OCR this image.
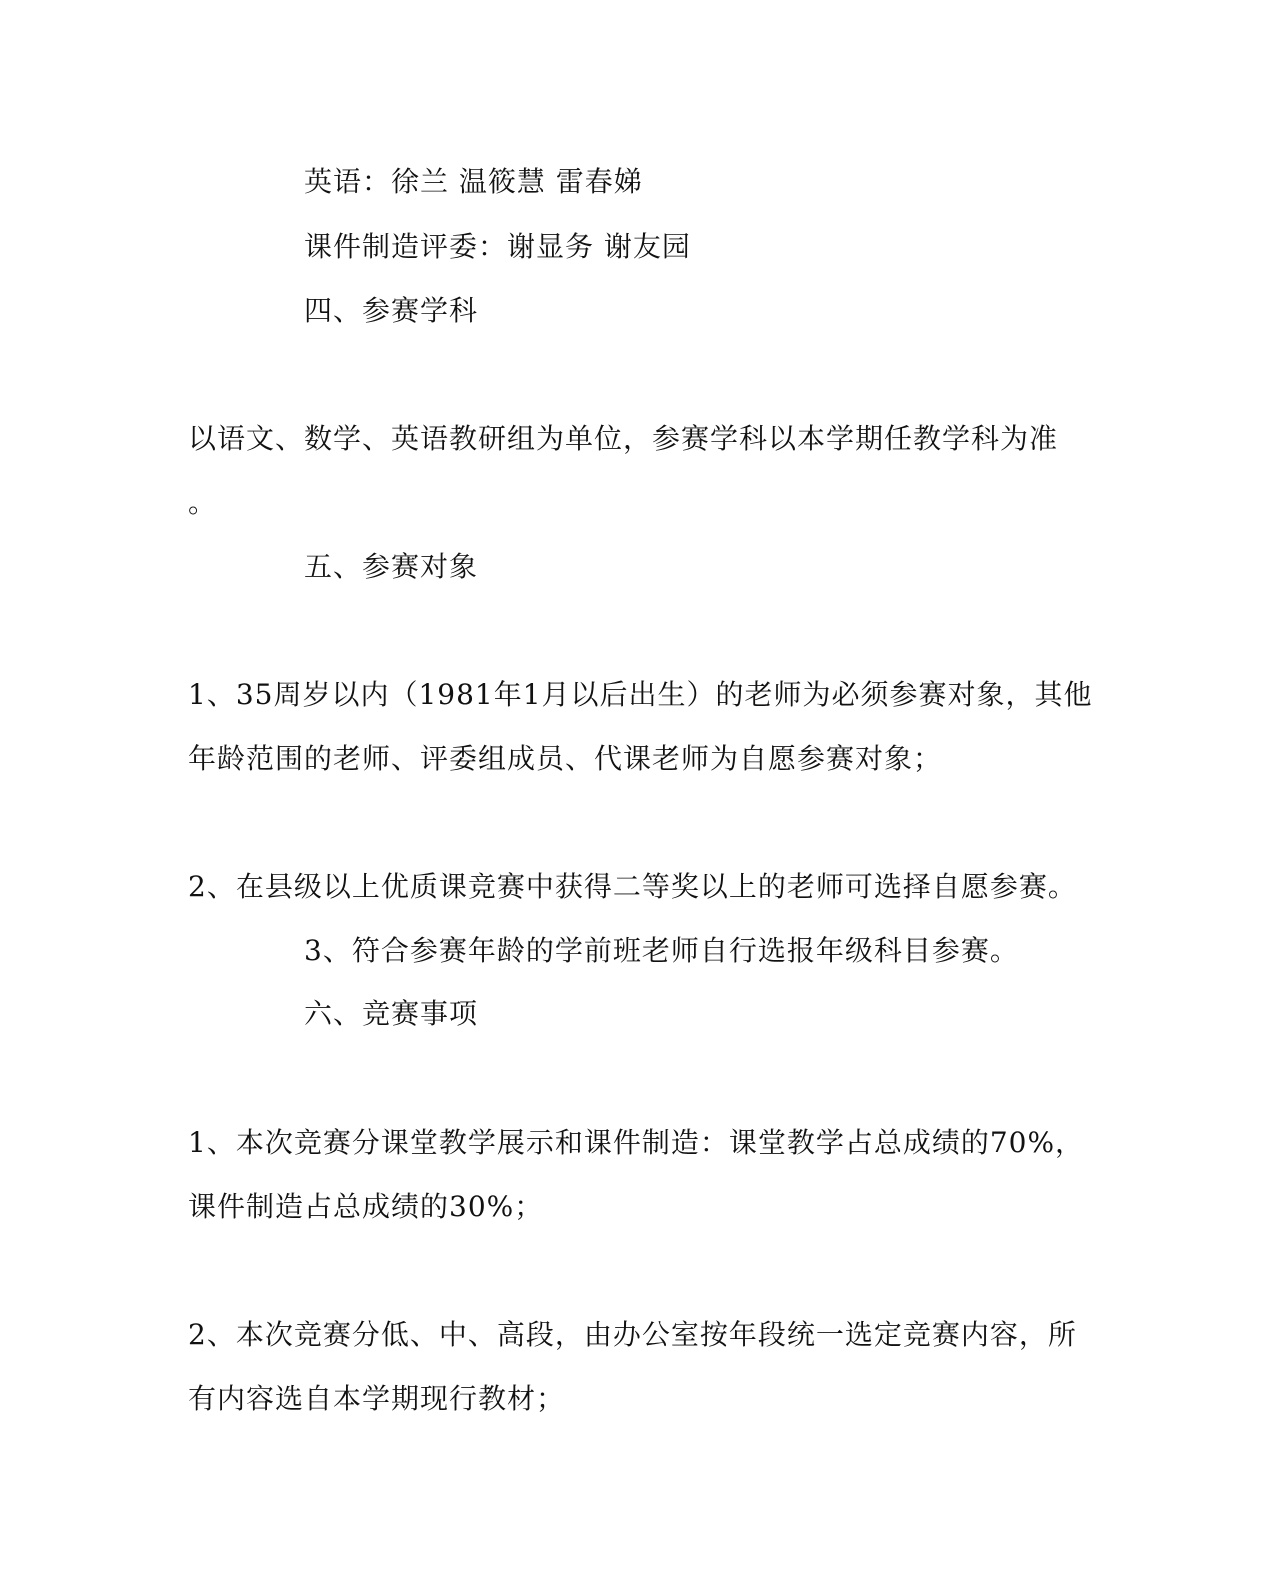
英语：徐兰 温筱慧 雷春娣
课件制造评委：谢显务 谢友园
四、参赛学科
以语文、数学、英语教研组为单位，参赛学科以本学期任教学科为准
。
五、参赛对象
1、35周岁以内（1981年1月以后出生）的老师为必须参赛对象，其他
年龄范围的老师、评委组成员、代课老师为自愿参赛对象；
2、在县级以上优质课竞赛中获得二等奖以上的老师可选择自愿参赛。
3、符合参赛年龄的学前班老师自行选报年级科目参赛。
六、竞赛事项
1、本次竞赛分课堂教学展示和课件制造：课堂教学占总成绩的70%，
课件制造占总成绩的30%；
2、本次竞赛分低、中、高段，由办公室按年段统一选定竞赛内容，所
有内容选自本学期现行教材；
